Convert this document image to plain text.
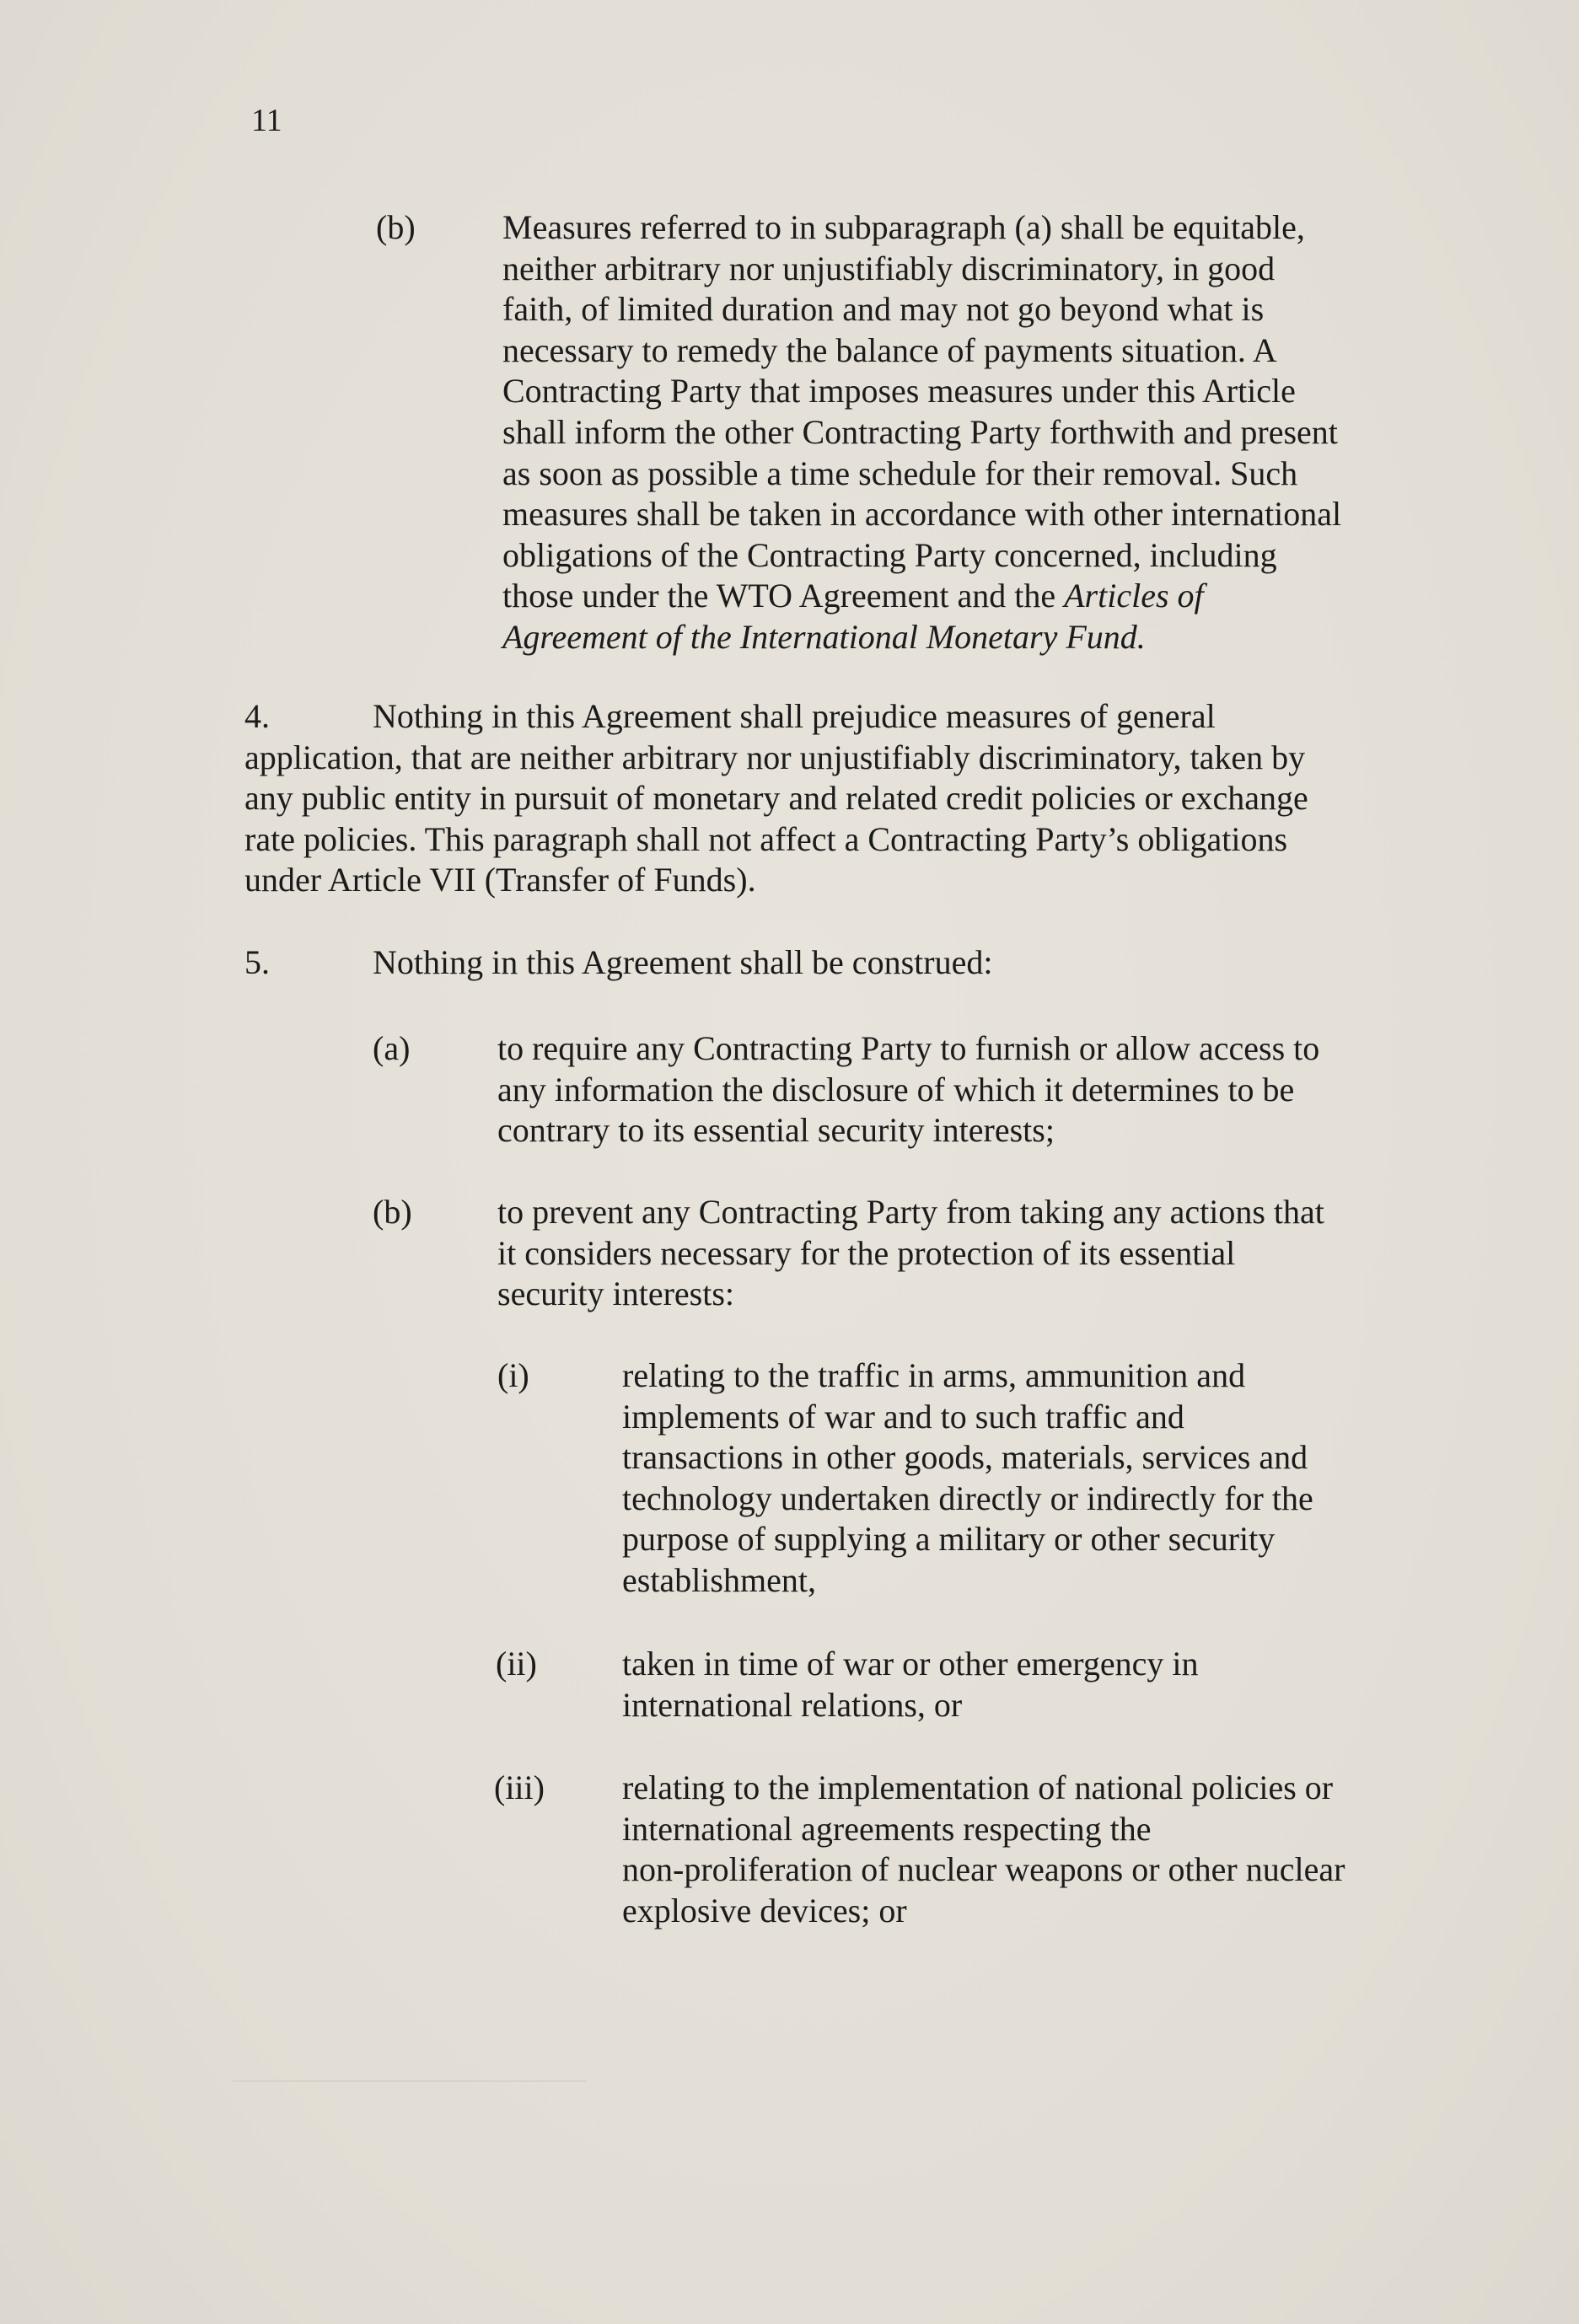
11
(b)	Measures referred to in subparagraph (a) shall be equitable,
neither arbitrary nor unjustifiably discriminatory, in good
faith, of limited duration and may not go beyond what is
necessary to remedy the balance of payments situation. A
Contracting Party that imposes measures under this Article
shall inform the other Contracting Party forthwith and present
as soon as possible a time schedule for their removal. Such
measures shall be taken in accordance with other international
obligations of the Contracting Party concerned, including
those under the WTO Agreement and the Articles of
Agreement of the International Monetary Fund.
4.	Nothing in this Agreement shall prejudice measures of general
application, that are neither arbitrary nor unjustifiably discriminatory, taken by
any public entity in pursuit of monetary and related credit policies or exchange
rate policies. This paragraph shall not affect a Contracting Party’s obligations
under Article VII (Transfer of Funds).
5.	Nothing in this Agreement shall be construed:
(a)	to require any Contracting Party to furnish or allow access to
any information the disclosure of which it determines to be
contrary to its essential security interests;
(b)	to prevent any Contracting Party from taking any actions that
it considers necessary for the protection of its essential
security interests:
(i)	relating to the traffic in arms, ammunition and
implements of war and to such traffic and
transactions in other goods, materials, services and
technology undertaken directly or indirectly for the
purpose of supplying a military or other security
establishment,
(ii)	taken in time of war or other emergency in
international relations, or
(iii) relating to the implementation of national policies or
international agreements respecting the
non-proliferation of nuclear weapons or other nuclear
explosive devices; or
